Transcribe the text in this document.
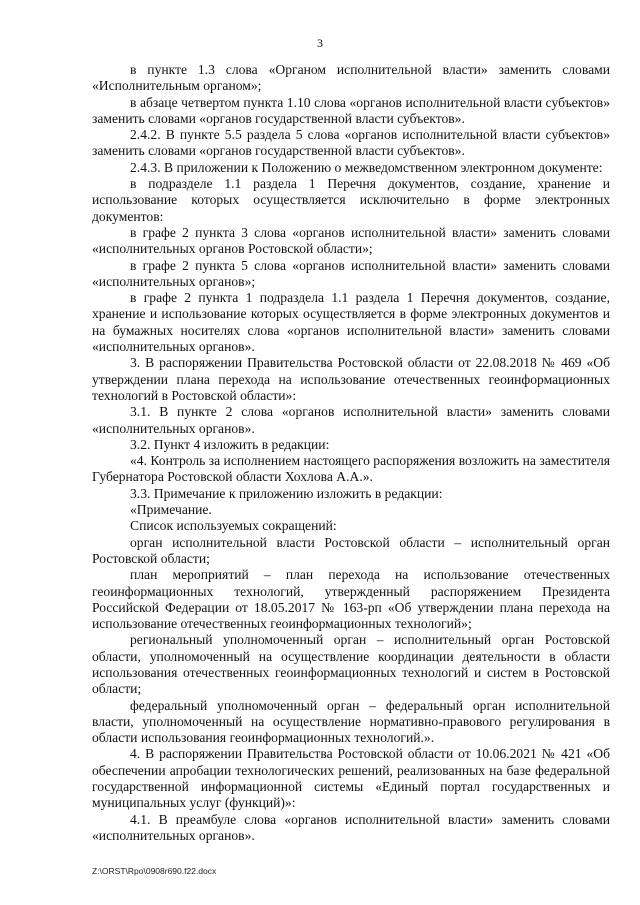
3

в пункте 1.3 слова «Органом исполнительной власти» заменить словами «Исполнительным органом»;

в абзаце четвертом пункта 1.10 слова «органов исполнительной власти субъектов» заменить словами «органов государственной власти субъектов».

2.4.2. В пункте 5.5 раздела 5 слова «органов исполнительной власти субъектов» заменить словами «органов государственной власти субъектов».

2.4.3. В приложении к Положению о межведомственном электронном документе:

в подразделе 1.1 раздела 1 Перечня документов, создание, хранение и использование которых осуществляется исключительно в форме электронных документов:

в графе 2 пункта 3 слова «органов исполнительной власти» заменить словами «исполнительных органов Ростовской области»;

в графе 2 пункта 5 слова «органов исполнительной власти» заменить словами «исполнительных органов»;

в графе 2 пункта 1 подраздела 1.1 раздела 1 Перечня документов, создание, хранение и использование которых осуществляется в форме электронных документов и на бумажных носителях слова «органов исполнительной власти» заменить словами «исполнительных органов».

3. В распоряжении Правительства Ростовской области от 22.08.2018 № 469 «Об утверждении плана перехода на использование отечественных геоинформационных технологий в Ростовской области»:

3.1. В пункте 2 слова «органов исполнительной власти» заменить словами «исполнительных органов».

3.2. Пункт 4 изложить в редакции:

«4. Контроль за исполнением настоящего распоряжения возложить на заместителя Губернатора Ростовской области Хохлова А.А.».

3.3. Примечание к приложению изложить в редакции:

«Примечание.

Список используемых сокращений:

орган исполнительной власти Ростовской области – исполнительный орган Ростовской области;

план мероприятий – план перехода на использование отечественных геоинформационных технологий, утвержденный распоряжением Президента Российской Федерации от 18.05.2017 № 163-рп «Об утверждении плана перехода на использование отечественных геоинформационных технологий»;

региональный уполномоченный орган – исполнительный орган Ростовской области, уполномоченный на осуществление координации деятельности в области использования отечественных геоинформационных технологий и систем в Ростовской области;

федеральный уполномоченный орган – федеральный орган исполнительной власти, уполномоченный на осуществление нормативно-правового регулирования в области использования геоинформационных технологий.».

4. В распоряжении Правительства Ростовской области от 10.06.2021 № 421 «Об обеспечении апробации технологических решений, реализованных на базе федеральной государственной информационной системы «Единый портал государственных и муниципальных услуг (функций)»:

4.1. В преамбуле слова «органов исполнительной власти» заменить словами «исполнительных органов».

Z:\ORST\Rpo\0908r690.f22.docx
